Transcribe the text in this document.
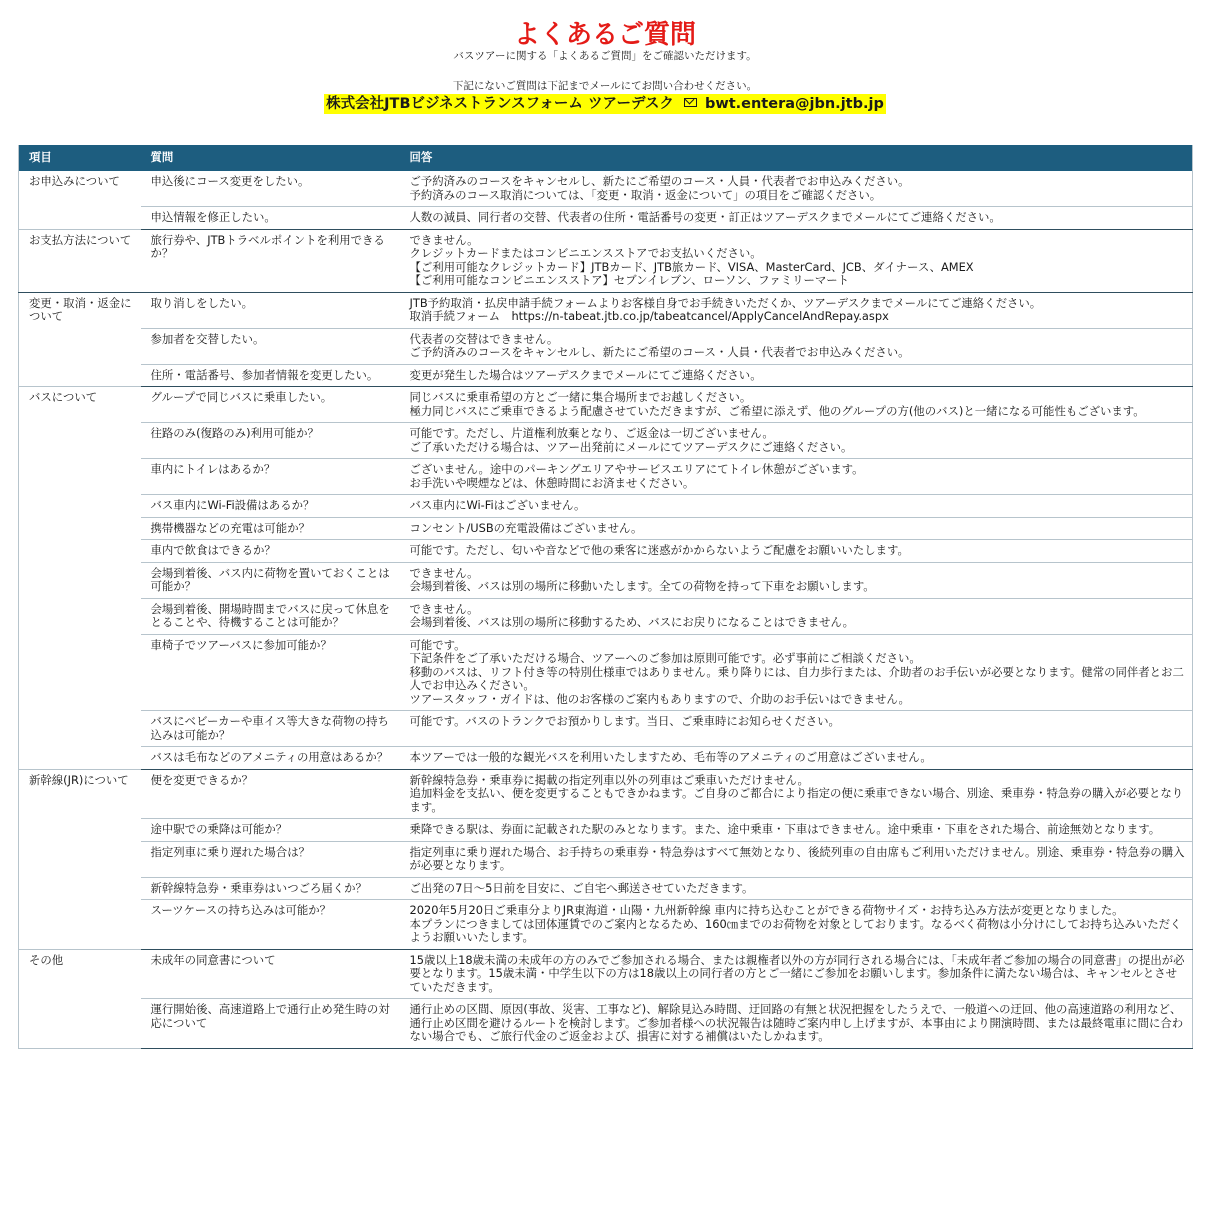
よくあるご質問
バスツアーに関する「よくあるご質問」をご確認いただけます。
下記にないご質問は下記までメールにてお問い合わせください。
株式会社JTBビジネストランスフォーム ツアーデスク bwt.entera@jbn.jtb.jp
項目	質問	回答
お申込みについて	申込後にコース変更をしたい。	ご予約済みのコースをキャンセルし、新たにご希望のコース・人員・代表者でお申込みください。
予約済みのコース取消については、「変更・取消・返金について」の項目をご確認ください。
	申込情報を修正したい。	人数の減員、同行者の交替、代表者の住所・電話番号の変更・訂正はツアーデスクまでメールにてご連絡ください。
お支払方法について	旅行券や、JTBトラベルポイントを利用できるか？	できません。
クレジットカードまたはコンビニエンスストアでお支払いください。
【ご利用可能なクレジットカード】JTBカード、JTB旅カード、VISA、MasterCard、JCB、ダイナース、AMEX
【ご利用可能なコンビニエンスストア】セブンイレブン、ローソン、ファミリーマート
変更・取消・返金について	取り消しをしたい。	JTB予約取消・払戻申請手続フォームよりお客様自身でお手続きいただくか、ツアーデスクまでメールにてご連絡ください。
取消手続フォーム　https://n-tabeat.jtb.co.jp/tabeatcancel/ApplyCancelAndRepay.aspx
	参加者を交替したい。	代表者の交替はできません。
ご予約済みのコースをキャンセルし、新たにご希望のコース・人員・代表者でお申込みください。
	住所・電話番号、参加者情報を変更したい。	変更が発生した場合はツアーデスクまでメールにてご連絡ください。
バスについて	グループで同じバスに乗車したい。	同じバスに乗車希望の方とご一緒に集合場所までお越しください。
極力同じバスにご乗車できるよう配慮させていただきますが、ご希望に添えず、他のグループの方(他のバス)と一緒になる可能性もございます。
	往路のみ(復路のみ)利用可能か？	可能です。ただし、片道権利放棄となり、ご返金は一切ございません。
ご了承いただける場合は、ツアー出発前にメールにてツアーデスクにご連絡ください。
	車内にトイレはあるか？	ございません。途中のパーキングエリアやサービスエリアにてトイレ休憩がございます。
お手洗いや喫煙などは、休憩時間にお済ませください。
	バス車内にWi-Fi設備はあるか？	バス車内にWi-Fiはございません。
	携帯機器などの充電は可能か？	コンセント/USBの充電設備はございません。
	車内で飲食はできるか？	可能です。ただし、匂いや音などで他の乗客に迷惑がかからないようご配慮をお願いいたします。
	会場到着後、バス内に荷物を置いておくことは可能か？	できません。
会場到着後、バスは別の場所に移動いたします。全ての荷物を持って下車をお願いします。
	会場到着後、開場時間までバスに戻って休息をとることや、待機することは可能か？	できません。
会場到着後、バスは別の場所に移動するため、バスにお戻りになることはできません。
	車椅子でツアーバスに参加可能か？	可能です。
下記条件をご了承いただける場合、ツアーへのご参加は原則可能です。必ず事前にご相談ください。
移動のバスは、リフト付き等の特別仕様車ではありません。乗り降りには、自力歩行または、介助者のお手伝いが必要となります。健常の同伴者とお二人でお申込みください。
ツアースタッフ・ガイドは、他のお客様のご案内もありますので、介助のお手伝いはできません。
	バスにベビーカーや車イス等大きな荷物の持ち込みは可能か？	可能です。バスのトランクでお預かりします。当日、ご乗車時にお知らせください。
	バスは毛布などのアメニティの用意はあるか？	本ツアーでは一般的な観光バスを利用いたしますため、毛布等のアメニティのご用意はございません。
新幹線(JR)について	便を変更できるか？	新幹線特急券・乗車券に掲載の指定列車以外の列車はご乗車いただけません。
追加料金を支払い、便を変更することもできかねます。ご自身のご都合により指定の便に乗車できない場合、別途、乗車券・特急券の購入が必要となります。
	途中駅での乗降は可能か？	乗降できる駅は、券面に記載された駅のみとなります。また、途中乗車・下車はできません。途中乗車・下車をされた場合、前途無効となります。
	指定列車に乗り遅れた場合は？	指定列車に乗り遅れた場合、お手持ちの乗車券・特急券はすべて無効となり、後続列車の自由席もご利用いただけません。別途、乗車券・特急券の購入が必要となります。
	新幹線特急券・乗車券はいつごろ届くか？	ご出発の7日～5日前を目安に、ご自宅へ郵送させていただきます。
	スーツケースの持ち込みは可能か？	2020年5月20日ご乗車分よりJR東海道・山陽・九州新幹線 車内に持ち込むことができる荷物サイズ・お持ち込み方法が変更となりました。
本プランにつきましては団体運賃でのご案内となるため、160㎝までのお荷物を対象としております。なるべく荷物は小分けにしてお持ち込みいただくようお願いいたします。
その他	未成年の同意書について	15歳以上18歳未満の未成年の方のみでご参加される場合、または親権者以外の方が同行される場合には、「未成年者ご参加の場合の同意書」の提出が必要となります。15歳未満・中学生以下の方は18歳以上の同行者の方とご一緒にご参加をお願いします。参加条件に満たない場合は、キャンセルとさせていただきます。
	運行開始後、高速道路上で通行止め発生時の対応について	通行止めの区間、原因(事故、災害、工事など)、解除見込み時間、迂回路の有無と状況把握をしたうえで、一般道への迂回、他の高速道路の利用など、通行止め区間を避けるルートを検討します。ご参加者様への状況報告は随時ご案内申し上げますが、本事由により開演時間、または最終電車に間に合わない場合でも、ご旅行代金のご返金および、損害に対する補償はいたしかねます。
